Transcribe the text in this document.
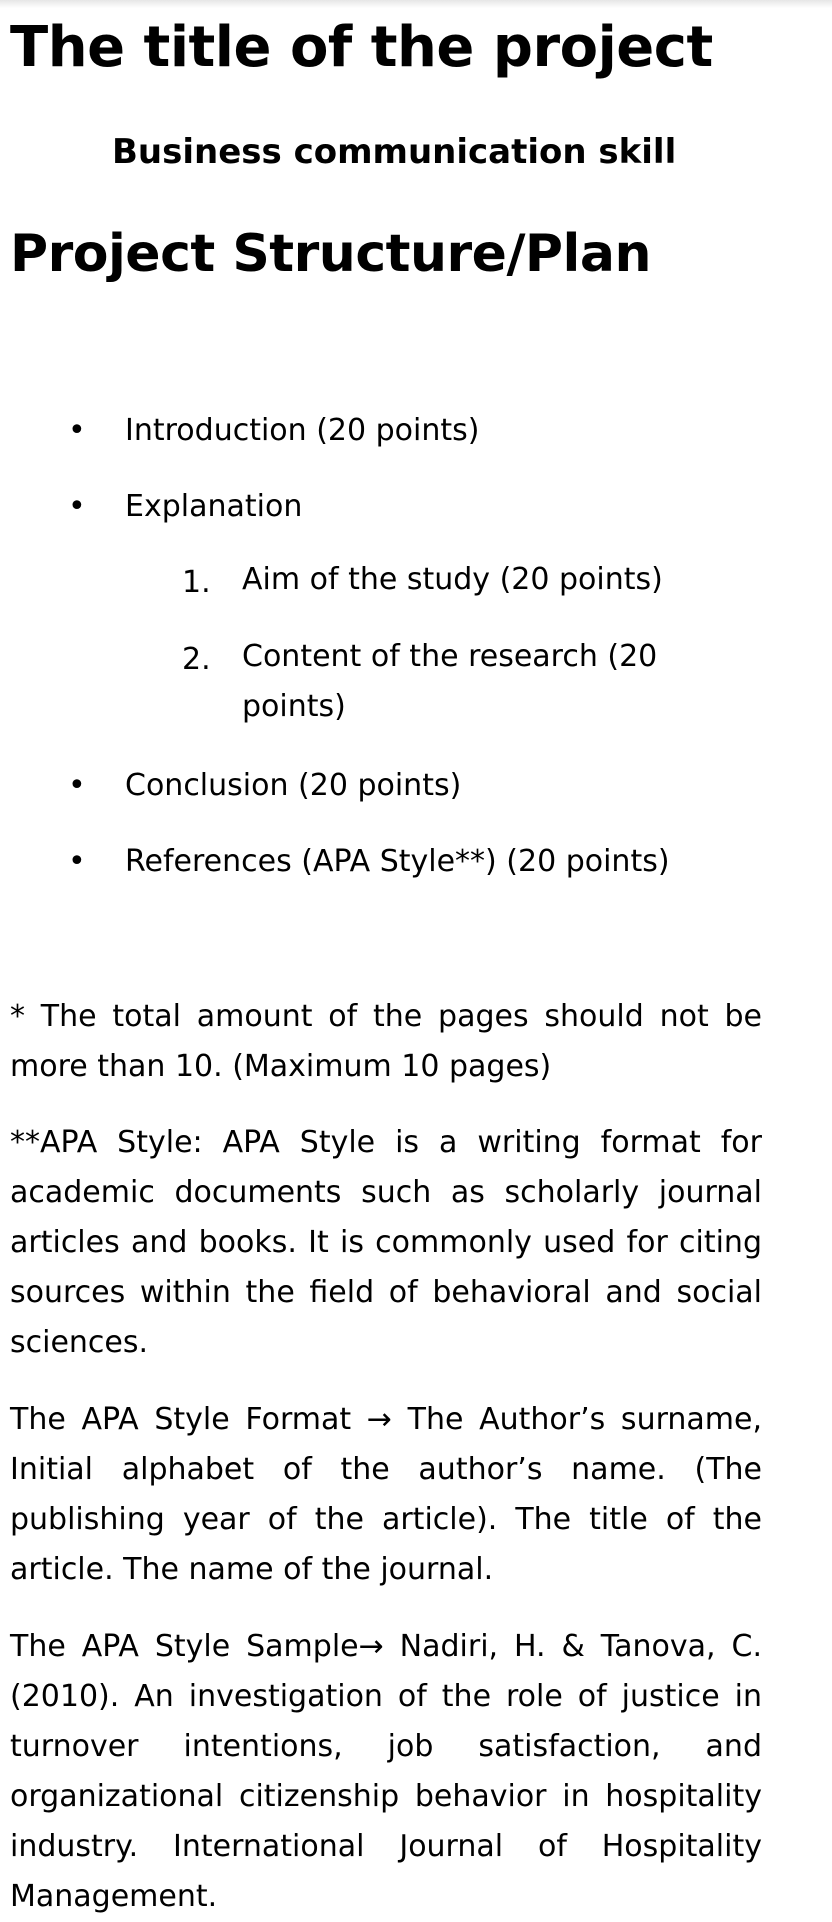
The title of the project
Business communication skill
Project Structure/Plan
• Introduction (20 points)
• Explanation
1. Aim of the study (20 points)
2. Content of the research (20 points)
• Conclusion (20 points)
• References (APA Style**) (20 points)

* The total amount of the pages should not be more than 10. (Maximum 10 pages)

**APA Style: APA Style is a writing format for academic documents such as scholarly journal articles and books. It is commonly used for citing sources within the field of behavioral and social sciences.

The APA Style Format → The Author’s surname, Initial alphabet of the author’s name. (The publishing year of the article). The title of the article. The name of the journal.

The APA Style Sample→ Nadiri, H. & Tanova, C. (2010). An investigation of the role of justice in turnover intentions, job satisfaction, and organizational citizenship behavior in hospitality industry. International Journal of Hospitality Management.
